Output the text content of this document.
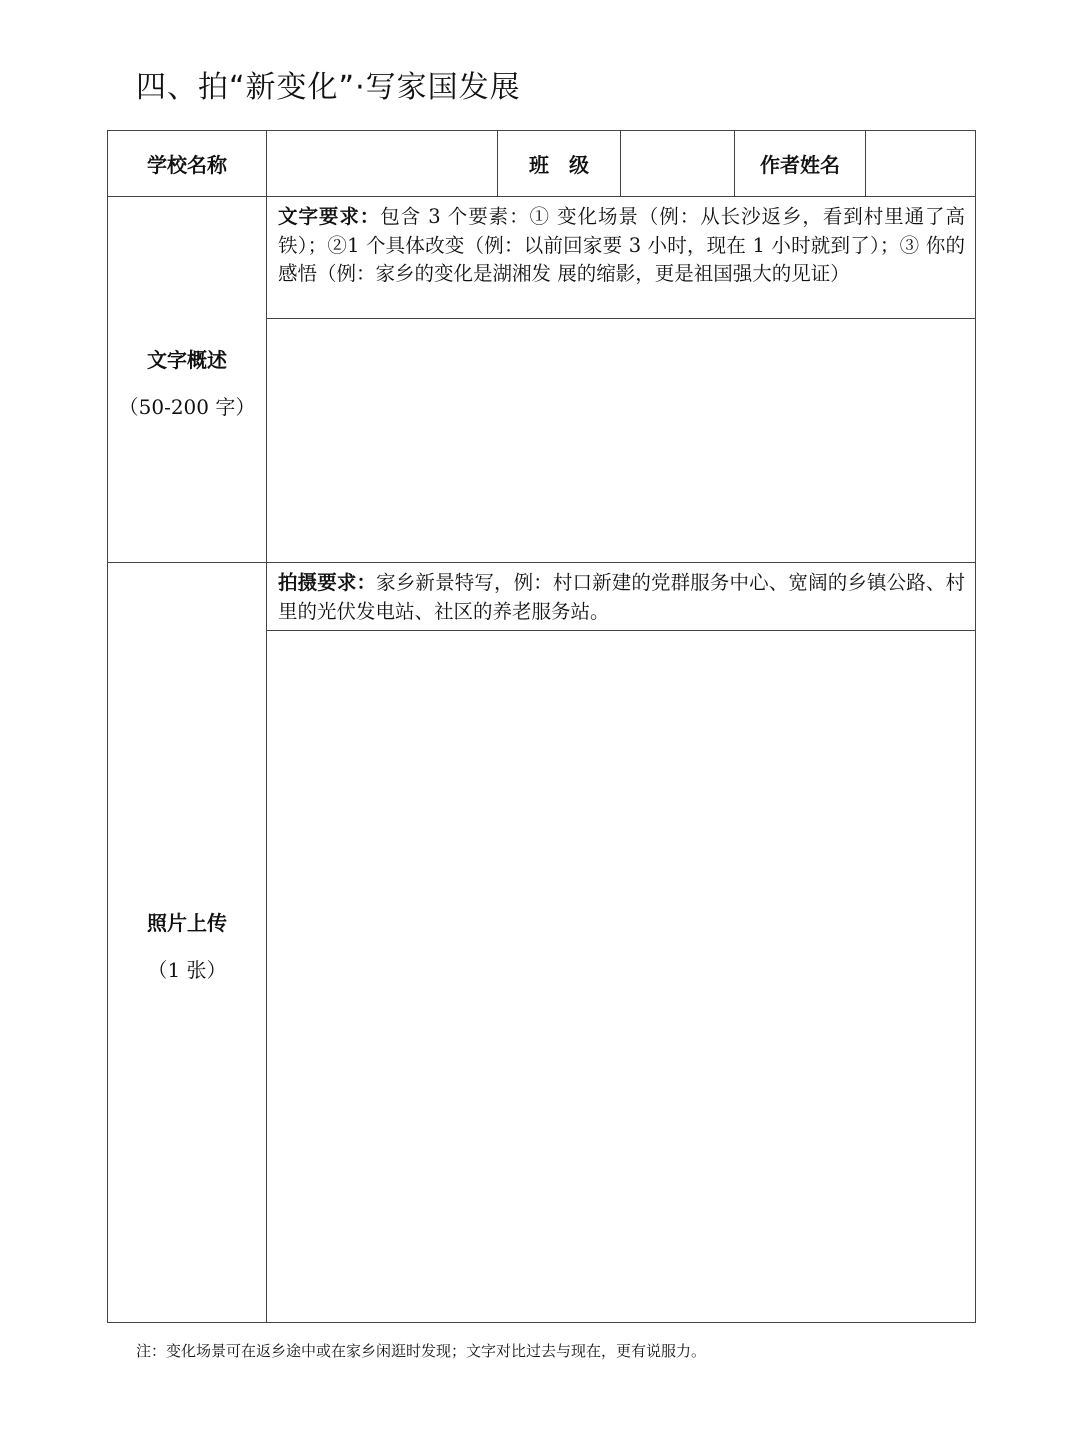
四、拍“新变化”·写家国发展
学校名称		班　级		作者姓名	

文字概述
（50-200 字）	文字要求：包含 3 个要素：① 变化场景（例：从长沙返乡，看到村里通了高铁）；②1 个具体改变（例：以前回家要 3 小时，现在 1 小时就到了）；③ 你的感悟（例：家乡的变化是湖湘发 展的缩影，更是祖国强大的见证）				

照片上传
（1 张）	拍摄要求：家乡新景特写，例：村口新建的党群服务中心、宽阔的乡镇公路、村里的光伏发电站、社区的养老服务站。				

注：变化场景可在返乡途中或在家乡闲逛时发现；文字对比过去与现在，更有说服力。
